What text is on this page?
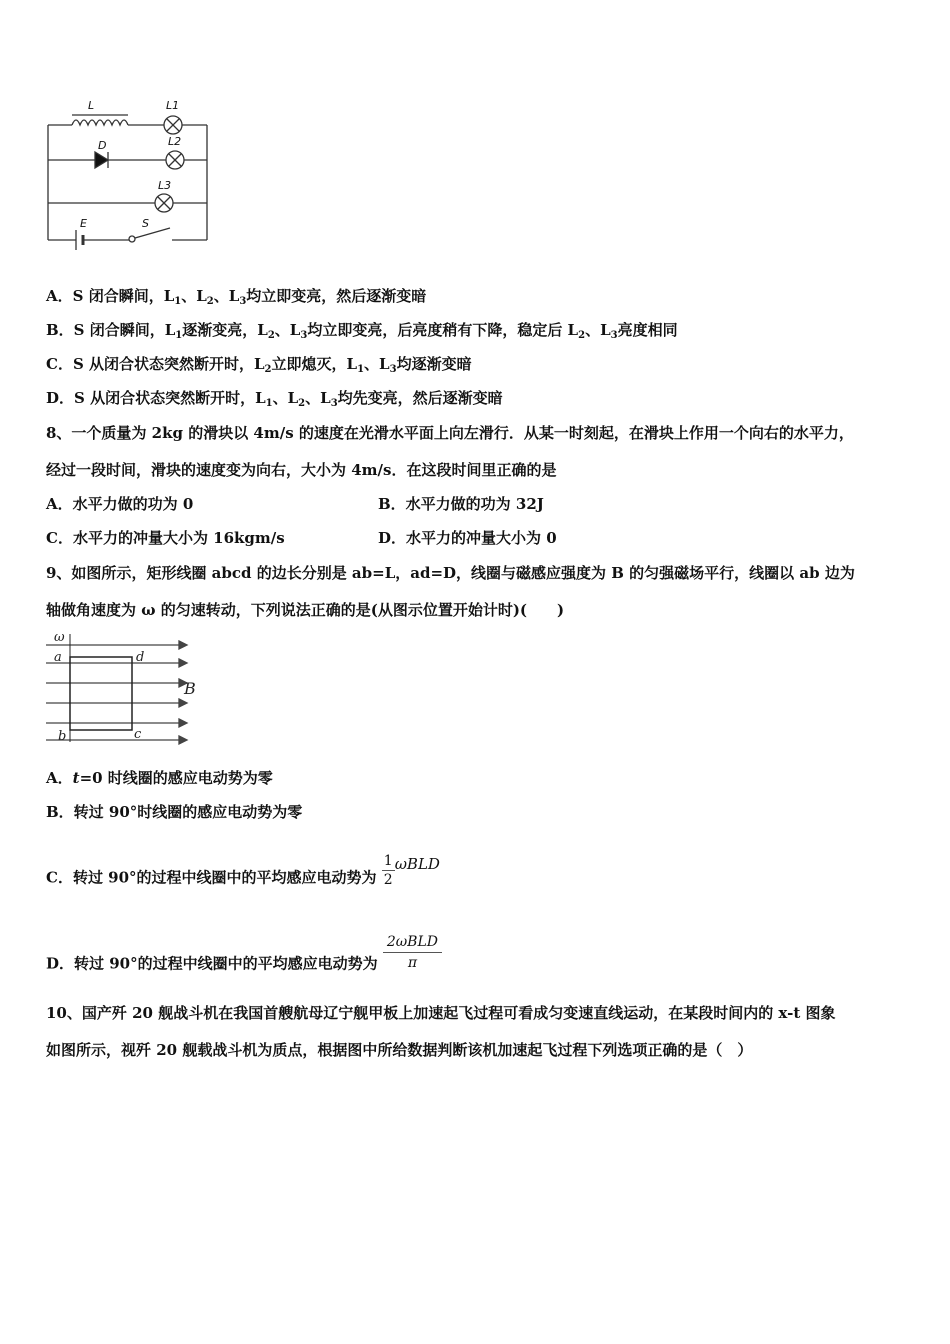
L	L1
L2
D
L3
E	S
A．S 闭合瞬间，$L_1$、$L_2$、$L_3$均立即变亮，然后逐渐变暗
B．S 闭合瞬间，$L_1$逐渐变亮，$L_2$、$L_3$均立即变亮，后亮度稍有下降，稳定后 $L_2$、$L_3$亮度相同
C．S 从闭合状态突然断开时，$L_2$立即熄灭，$L_1$、$L_3$均逐渐变暗
D．S 从闭合状态突然断开时，$L_1$、$L_2$、$L_3$均先变亮，然后逐渐变暗
8、一个质量为 2kg 的滑块以 4m/s 的速度在光滑水平面上向左滑行．从某一时刻起，在滑块上作用一个向右的水平力，
经过一段时间，滑块的速度变为向右，大小为 4m/s．在这段时间里正确的是
A．水平力做的功为 0	B．水平力做的功为 32J
C．水平力的冲量大小为 16kgm/s	D．水平力的冲量大小为 0
9、如图所示，矩形线圈 abcd 的边长分别是 ab=L，ad=D，线圈与磁感应强度为 B 的匀强磁场平行，线圈以 ab 边为
轴做角速度为 ω 的匀速转动，下列说法正确的是(从图示位置开始计时)(　　)
ω
a	d
b	c
B
A．t=0 时线圈的感应电动势为零
B．转过 90°时线圈的感应电动势为零
C．转过 90°的过程中线圈中的平均感应电动势为 $\frac{1}{2}$ ωBLD
D．转过 90°的过程中线圈中的平均感应电动势为 $\frac{\text{2ωBLD}}{\pi}$
10、国产歼 20 舰战斗机在我国首艘航母辽宁舰甲板上加速起飞过程可看成匀变速直线运动，在某段时间内的 x-t 图象
如图所示，视歼 20 舰载战斗机为质点，根据图中所给数据判断该机加速起飞过程下列选项正确的是（　）
